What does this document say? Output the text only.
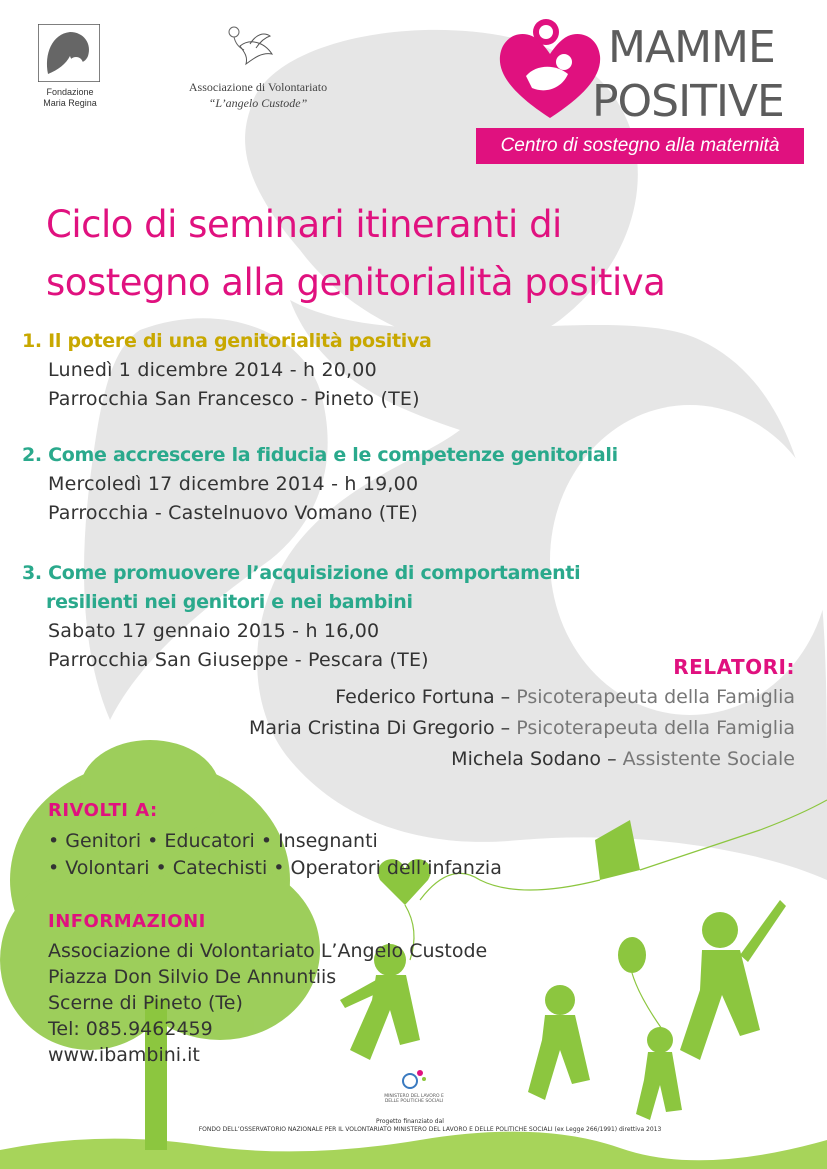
Fondazione
Maria Regina
Associazione di Volontariato
“L’angelo Custode”
MAMME
POSITIVE
Centro di sostegno alla maternità
Ciclo di seminari itineranti di
sostegno alla genitorialità positiva
1. Il potere di una genitorialità positiva
Lunedì 1 dicembre 2014 - h 20,00
Parrocchia San Francesco - Pineto (TE)
2. Come accrescere la fiducia e le competenze genitoriali
Mercoledì 17 dicembre 2014 - h 19,00
Parrocchia - Castelnuovo Vomano (TE)
3. Come promuovere l’acquisizione di comportamenti
resilienti nei genitori e nei bambini
Sabato 17 gennaio 2015 - h 16,00
Parrocchia San Giuseppe - Pescara (TE)	RELATORI:
Federico Fortuna – Psicoterapeuta della Famiglia
Maria Cristina Di Gregorio – Psicoterapeuta della Famiglia
Michela Sodano – Assistente Sociale
RIVOLTI A:
• Genitori • Educatori • Insegnanti
• Volontari • Catechisti • Operatori dell’infanzia
INFORMAZIONI
Associazione di Volontariato L’Angelo Custode
Piazza Don Silvio De Annuntiis
Scerne di Pineto (Te)
Tel: 085.9462459
www.ibambini.it
MINISTERO DEL LAVORO E DELLE POLITICHE SOCIALI
Progetto finanziato dal
FONDO DELL’OSSERVATORIO NAZIONALE PER IL VOLONTARIATO MINISTERO DEL LAVORO E DELLE POLITICHE SOCIALI (ex Legge 266/1991) direttiva 2013
